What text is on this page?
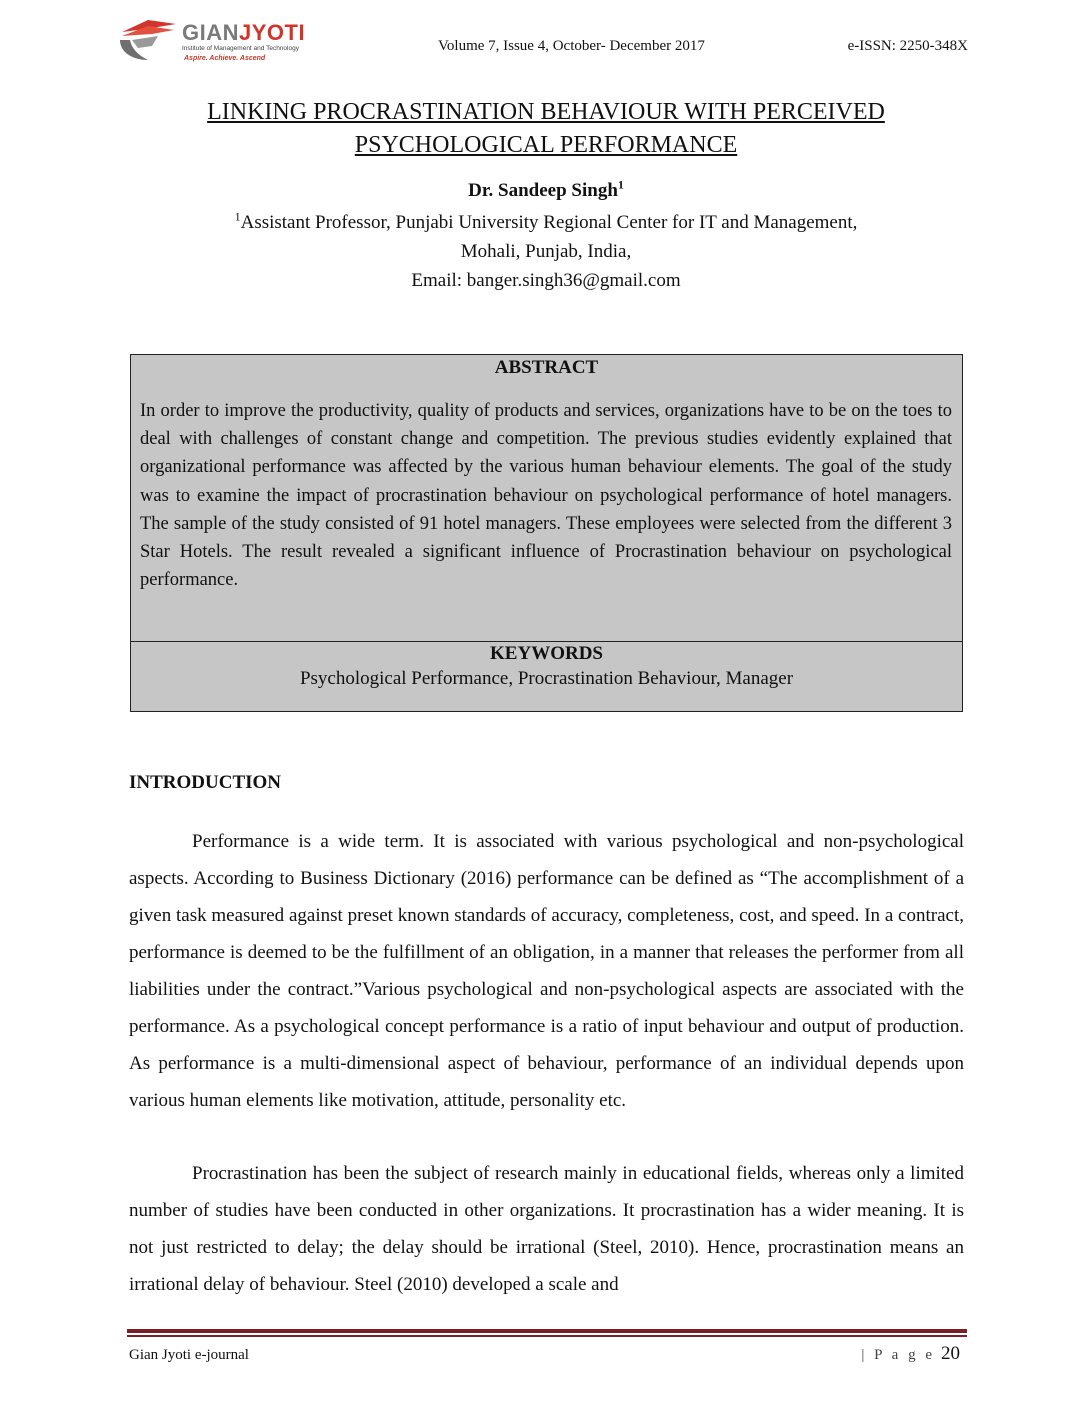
GIANJYOTI
Institute of Management and Technology
Aspire. Achieve. Ascend
Volume 7, Issue 4, October- December 2017	e-ISSN: 2250-348X
LINKING PROCRASTINATION BEHAVIOUR WITH PERCEIVED
PSYCHOLOGICAL PERFORMANCE
Dr. Sandeep Singh$^1$
$^1$Assistant Professor, Punjabi University Regional Center for IT and Management,
Mohali, Punjab, India,
Email: banger.singh36@gmail.com
ABSTRACT
In order to improve the productivity, quality of products and services, organizations have to be on the toes to deal with challenges of constant change and competition. The previous studies evidently explained that organizational performance was affected by the various human behaviour elements. The goal of the study was to examine the impact of procrastination behaviour on psychological performance of hotel managers. The sample of the study consisted of 91 hotel managers. These employees were selected from the different 3 Star Hotels. The result revealed a significant influence of Procrastination behaviour on psychological performance.
KEYWORDS
Psychological Performance, Procrastination Behaviour, Manager
INTRODUCTION

Performance is a wide term. It is associated with various psychological and non-psychological aspects. According to Business Dictionary (2016) performance can be defined as “The accomplishment of a given task measured against preset known standards of accuracy, completeness, cost, and speed. In a contract, performance is deemed to be the fulfillment of an obligation, in a manner that releases the performer from all liabilities under the contract.”Various psychological and non-psychological aspects are associated with the performance. As a psychological concept performance is a ratio of input behaviour and output of production. As performance is a multi-dimensional aspect of behaviour, performance of an individual depends upon various human elements like motivation, attitude, personality etc.

Procrastination has been the subject of research mainly in educational fields, whereas only a limited number of studies have been conducted in other organizations. It procrastination has a wider meaning. It is not just restricted to delay; the delay should be irrational (Steel, 2010). Hence, procrastination means an irrational delay of behaviour. Steel (2010) developed a scale and

Gian Jyoti e-journal	| P a g e 20
